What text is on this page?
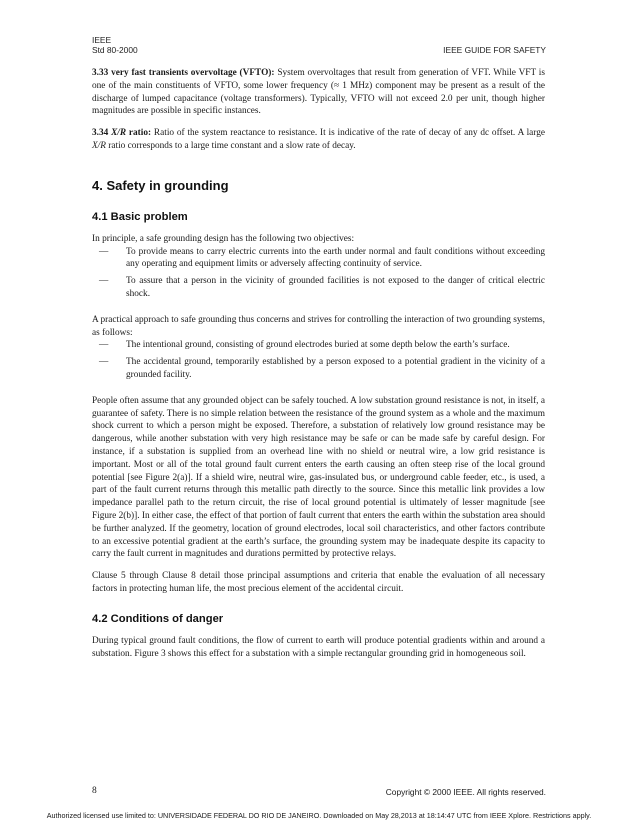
IEEE
Std 80-2000	IEEE GUIDE FOR SAFETY

3.33 very fast transients overvoltage (VFTO): System overvoltages that result from generation of VFT. While VFT is one of the main constituents of VFTO, some lower frequency (≈ 1 MHz) component may be present as a result of the discharge of lumped capacitance (voltage transformers). Typically, VFTO will not exceed 2.0 per unit, though higher magnitudes are possible in specific instances.

3.34 X/R ratio: Ratio of the system reactance to resistance. It is indicative of the rate of decay of any dc offset. A large X/R ratio corresponds to a large time constant and a slow rate of decay.

4. Safety in grounding
4.1 Basic problem

In principle, a safe grounding design has the following two objectives:

— To provide means to carry electric currents into the earth under normal and fault conditions without exceeding any operating and equipment limits or adversely affecting continuity of service.
— To assure that a person in the vicinity of grounded facilities is not exposed to the danger of critical electric shock.

A practical approach to safe grounding thus concerns and strives for controlling the interaction of two grounding systems, as follows:

— The intentional ground, consisting of ground electrodes buried at some depth below the earth’s surface.
— The accidental ground, temporarily established by a person exposed to a potential gradient in the vicinity of a grounded facility.

People often assume that any grounded object can be safely touched. A low substation ground resistance is not, in itself, a guarantee of safety. There is no simple relation between the resistance of the ground system as a whole and the maximum shock current to which a person might be exposed. Therefore, a substation of relatively low ground resistance may be dangerous, while another substation with very high resistance may be safe or can be made safe by careful design. For instance, if a substation is supplied from an overhead line with no shield or neutral wire, a low grid resistance is important. Most or all of the total ground fault current enters the earth causing an often steep rise of the local ground potential [see Figure 2(a)]. If a shield wire, neutral wire, gas-insulated bus, or underground cable feeder, etc., is used, a part of the fault current returns through this metallic path directly to the source. Since this metallic link provides a low impedance parallel path to the return circuit, the rise of local ground potential is ultimately of lesser magnitude [see Figure 2(b)]. In either case, the effect of that portion of fault current that enters the earth within the substation area should be further analyzed. If the geometry, location of ground electrodes, local soil characteristics, and other factors contribute to an excessive potential gradient at the earth’s surface, the grounding system may be inadequate despite its capacity to carry the fault current in magnitudes and durations permitted by protective relays.

Clause 5 through Clause 8 detail those principal assumptions and criteria that enable the evaluation of all necessary factors in protecting human life, the most precious element of the accidental circuit.

4.2 Conditions of danger

During typical ground fault conditions, the flow of current to earth will produce potential gradients within and around a substation. Figure 3 shows this effect for a substation with a simple rectangular grounding grid in homogeneous soil.

8	Copyright © 2000 IEEE. All rights reserved.
Authorized licensed use limited to: UNIVERSIDADE FEDERAL DO RIO DE JANEIRO. Downloaded on May 28,2013 at 18:14:47 UTC from IEEE Xplore. Restrictions apply.
